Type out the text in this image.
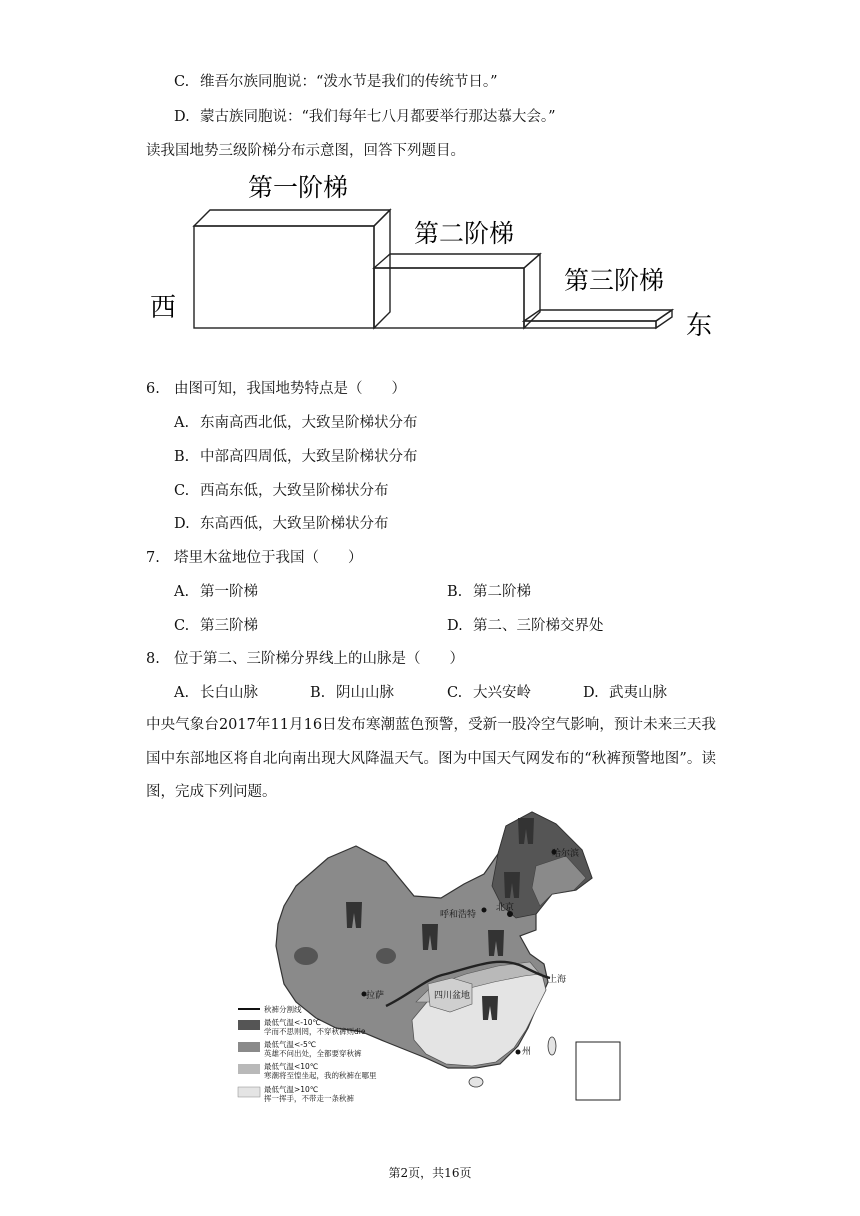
C. 维吾尔族同胞说：“泼水节是我们的传统节日。”
D. 蒙古族同胞说：“我们每年七八月都要举行那达慕大会。”
读我国地势三级阶梯分布示意图，回答下列题目。
第一阶梯
第二阶梯
第三阶梯
西
东
6. 由图可知，我国地势特点是（　　）
A. 东南高西北低，大致呈阶梯状分布
B. 中部高四周低，大致呈阶梯状分布
C. 西高东低，大致呈阶梯状分布
D. 东高西低，大致呈阶梯状分布
7. 塔里木盆地位于我国（　　）
A. 第一阶梯	B. 第二阶梯
C. 第三阶梯	D. 第二、三阶梯交界处
8. 位于第二、三阶梯分界线上的山脉是（　　）
A. 长白山脉	B. 阴山山脉	C. 大兴安岭	D. 武夷山脉
中央气象台2017年11月16日发布寒潮蓝色预警，受新一股冷空气影响，预计未来三天我国中东部地区将自北向南出现大风降温天气。图为中国天气网发布的“秋裤预警地图”。读图，完成下列问题。
哈尔滨
呼和浩特
北京
上海
拉萨	四川盆地
州
秋裤分割线
最低气温<-10℃
学而不思则罔，不穿秋裤则die
最低气温<-5℃
英雄不问出处，全都要穿秋裤
最低气温<10℃
寒潮将至惶坐起，我的秋裤在哪里
最低气温>10℃
挥一挥手，不带走一条秋裤
第2页，共16页
